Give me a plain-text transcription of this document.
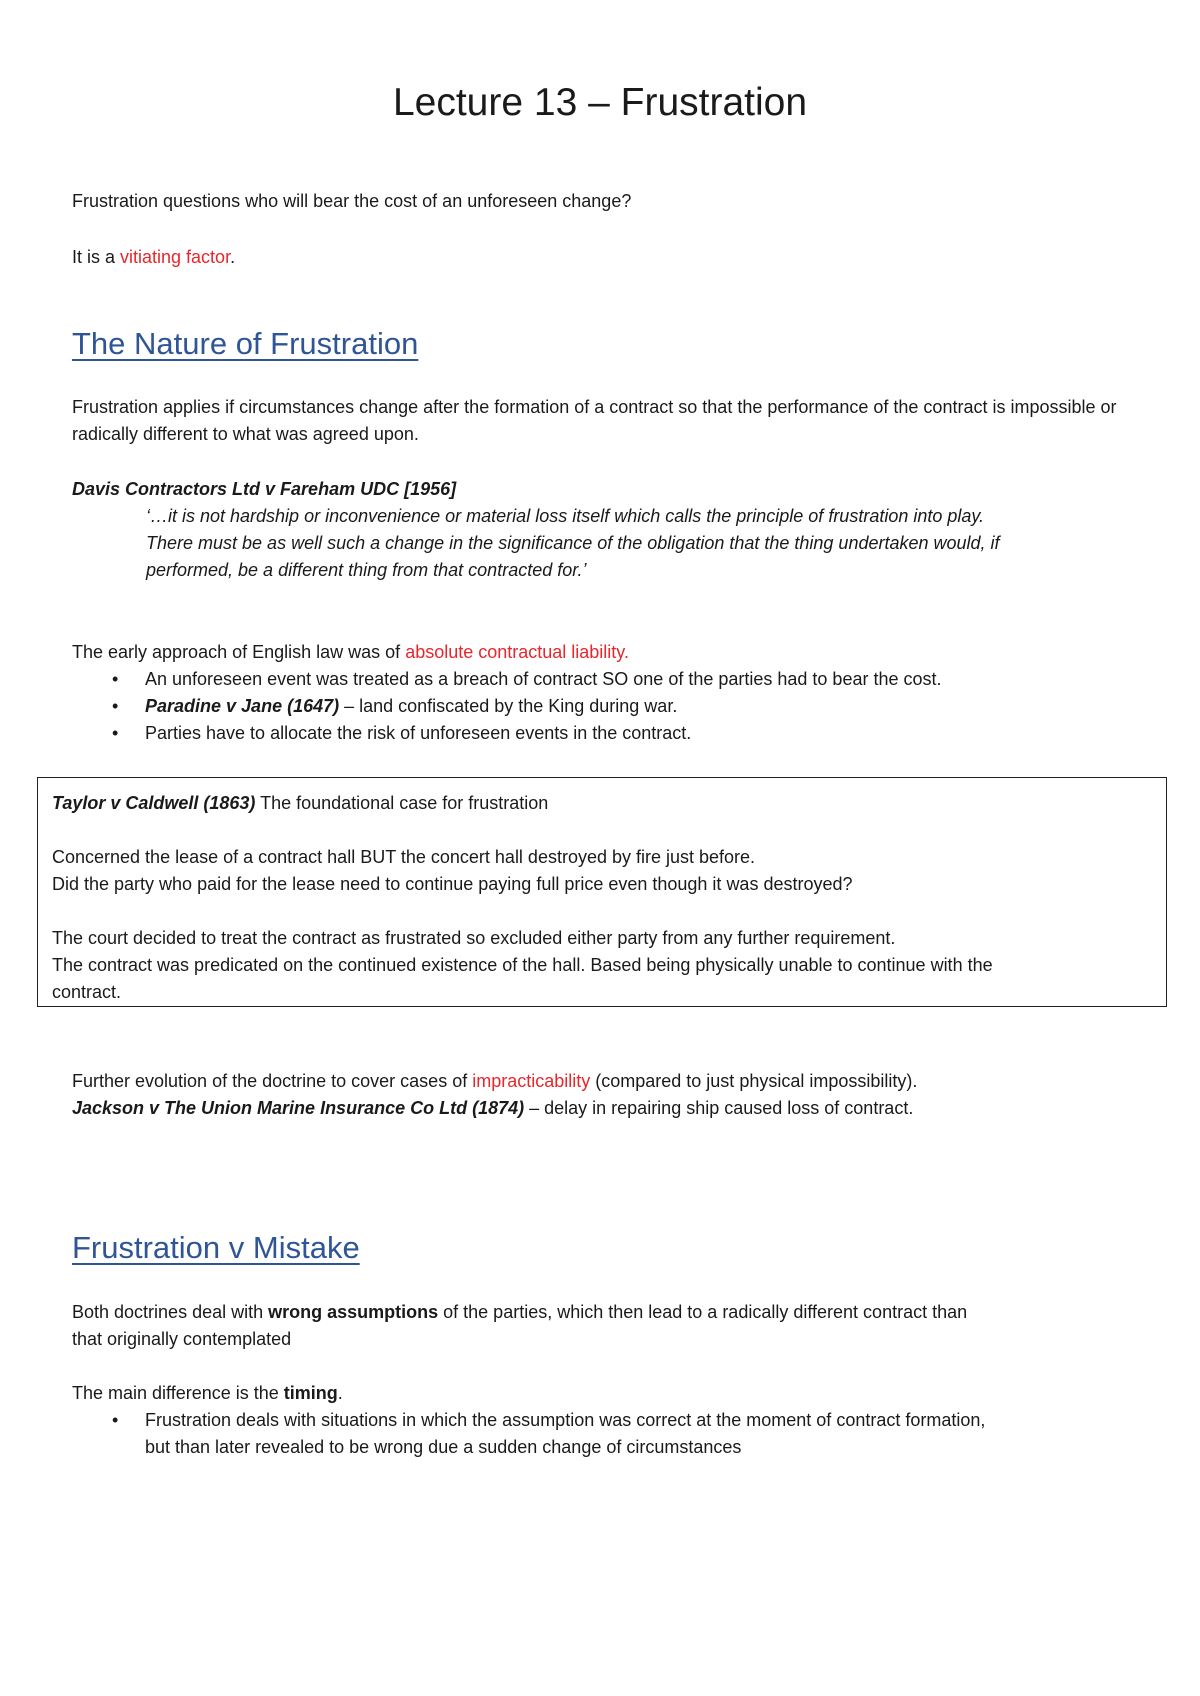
Lecture 13 – Frustration

Frustration questions who will bear the cost of an unforeseen change?

It is a vitiating factor.

The Nature of Frustration

Frustration applies if circumstances change after the formation of a contract so that the performance of the contract is impossible or radically different to what was agreed upon.

Davis Contractors Ltd v Fareham UDC [1956]

‘…it is not hardship or inconvenience or material loss itself which calls the principle of frustration into play.

There must be as well such a change in the significance of the obligation that the thing undertaken would, if

performed, be a different thing from that contracted for.’

The early approach of English law was of absolute contractual liability.

• An unforeseen event was treated as a breach of contract SO one of the parties had to bear the cost.
• Paradine v Jane (1647) – land confiscated by the King during war.
• Parties have to allocate the risk of unforeseen events in the contract.

Taylor v Caldwell (1863) The foundational case for frustration

Concerned the lease of a contract hall BUT the concert hall destroyed by fire just before.

Did the party who paid for the lease need to continue paying full price even though it was destroyed?

The court decided to treat the contract as frustrated so excluded either party from any further requirement.

The contract was predicated on the continued existence of the hall. Based being physically unable to continue with the

contract.

Further evolution of the doctrine to cover cases of impracticability (compared to just physical impossibility).

Jackson v The Union Marine Insurance Co Ltd (1874) – delay in repairing ship caused loss of contract.

Frustration v Mistake

Both doctrines deal with wrong assumptions of the parties, which then lead to a radically different contract than

that originally contemplated

The main difference is the timing.

• Frustration deals with situations in which the assumption was correct at the moment of contract formation,
but than later revealed to be wrong due a sudden change of circumstances
